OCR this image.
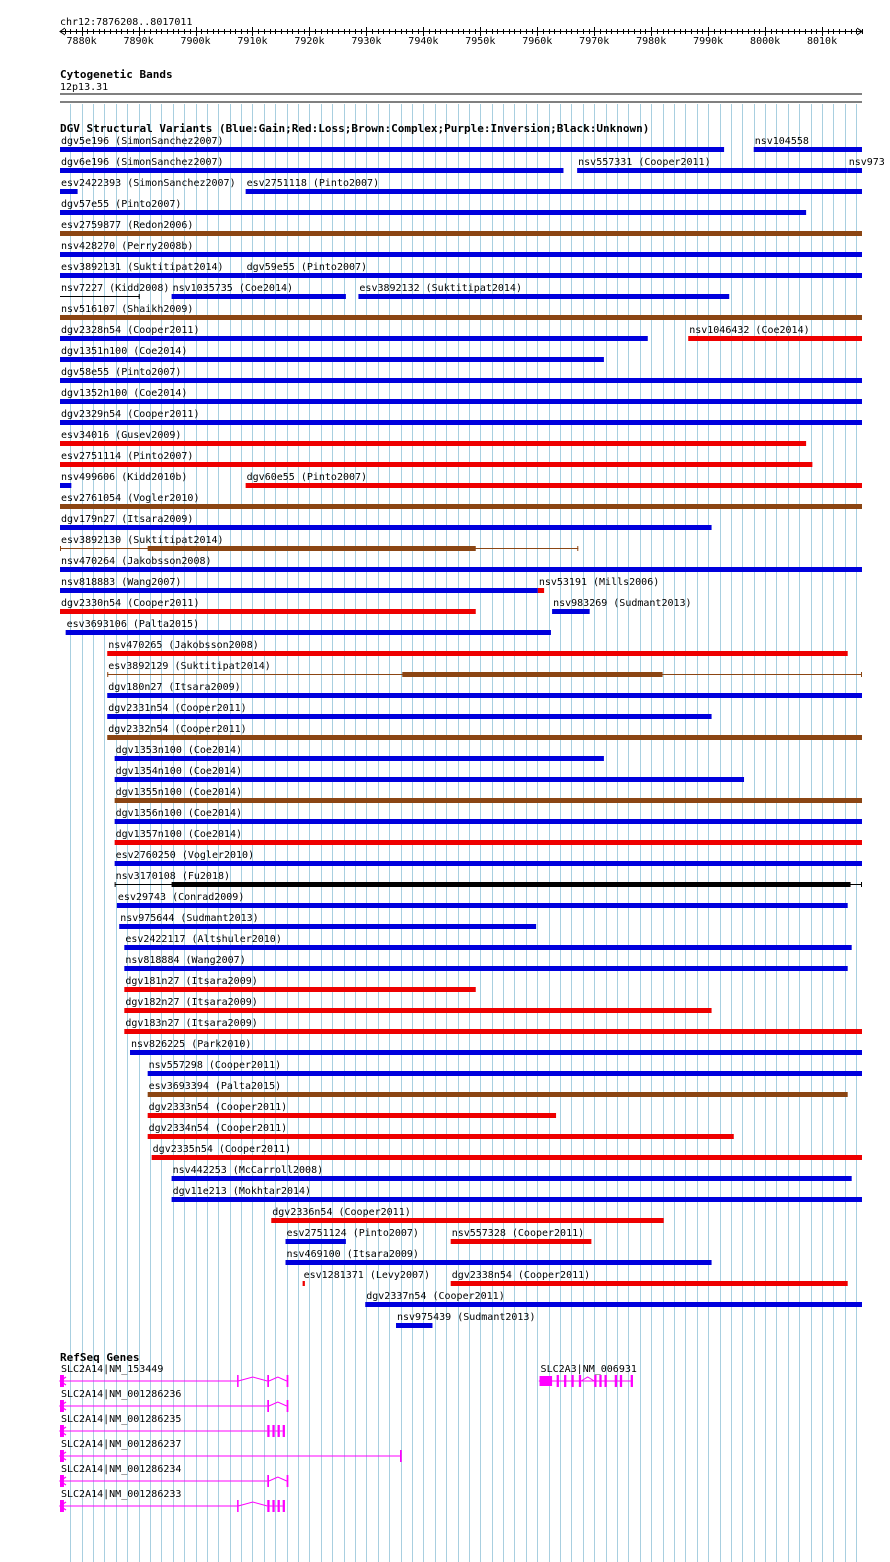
chr12:7876208..8017011
7880k	7890k	7900k	7910k	7920k	7930k	7940k	7950k	7960k	7970k	7980k	7990k	8000k	8010k
Cytogenetic Bands
12p13.31
DGV Structural Variants (Blue:Gain;Red:Loss;Brown:Complex;Purple:Inversion;Black:Unknown)
dgv5e196 (SimonSanchez2007)	nsv104558
dgv6e196 (SimonSanchez2007)	nsv557331 (Cooper2011)	nsv973
esv2422393 (SimonSanchez2007) esv2751118 (Pinto2007)
dgv57e55 (Pinto2007)
esv2759877 (Redon2006)
nsv428270 (Perry2008b)
esv3892131 (Suktitipat2014) dgv59e55 (Pinto2007)
nsv7227 (Kidd2008) nsv1035735 (Coe2014)	esv3892132 (Suktitipat2014)
nsv516107 (Shaikh2009)
dgv2328n54 (Cooper2011)	nsv1046432 (Coe2014)
dgv1351n100 (Coe2014)
dgv58e55 (Pinto2007)
dgv1352n100 (Coe2014)
dgv2329n54 (Cooper2011)
esv34016 (Gusev2009)
esv2751114 (Pinto2007)
nsv499606 (Kidd2010b)	dgv60e55 (Pinto2007)
esv2761054 (Vogler2010)
dgv179n27 (Itsara2009)
esv3892130 (Suktitipat2014)
nsv470264 (Jakobsson2008)
nsv818883 (Wang2007)	nsv53191 (Mills2006)
dgv2330n54 (Cooper2011)	nsv983269 (Sudmant2013)
esv3693106 (Palta2015)
nsv470265 (Jakobsson2008)
esv3892129 (Suktitipat2014)
dgv180n27 (Itsara2009)
dgv2331n54 (Cooper2011)
dgv2332n54 (Cooper2011)
dgv1353n100 (Coe2014)
dgv1354n100 (Coe2014)
dgv1355n100 (Coe2014)
dgv1356n100 (Coe2014)
dgv1357n100 (Coe2014)
esv2760250 (Vogler2010)
nsv3170108 (Fu2018)
esv29743 (Conrad2009)
nsv975644 (Sudmant2013)
esv2422117 (Altshuler2010)
nsv818884 (Wang2007)
dgv181n27 (Itsara2009)
dgv182n27 (Itsara2009)
dgv183n27 (Itsara2009)
nsv826225 (Park2010)
nsv557298 (Cooper2011)
esv3693394 (Palta2015)
dgv2333n54 (Cooper2011)
dgv2334n54 (Cooper2011)
dgv2335n54 (Cooper2011)
nsv442253 (McCarroll2008)
dgv11e213 (Mokhtar2014)
dgv2336n54 (Cooper2011)
esv2751124 (Pinto2007)	nsv557328 (Cooper2011)
nsv469100 (Itsara2009)
esv1281371 (Levy2007) dgv2338n54 (Cooper2011)
dgv2337n54 (Cooper2011)
nsv975439 (Sudmant2013)
RefSeq Genes
SLC2A14|NM_153449
SLC2A14|NM_001286236
SLC2A14|NM_001286235
SLC2A14|NM_001286237
SLC2A14|NM_001286234
SLC2A14|NM_001286233
SLC2A3|NM_006931
